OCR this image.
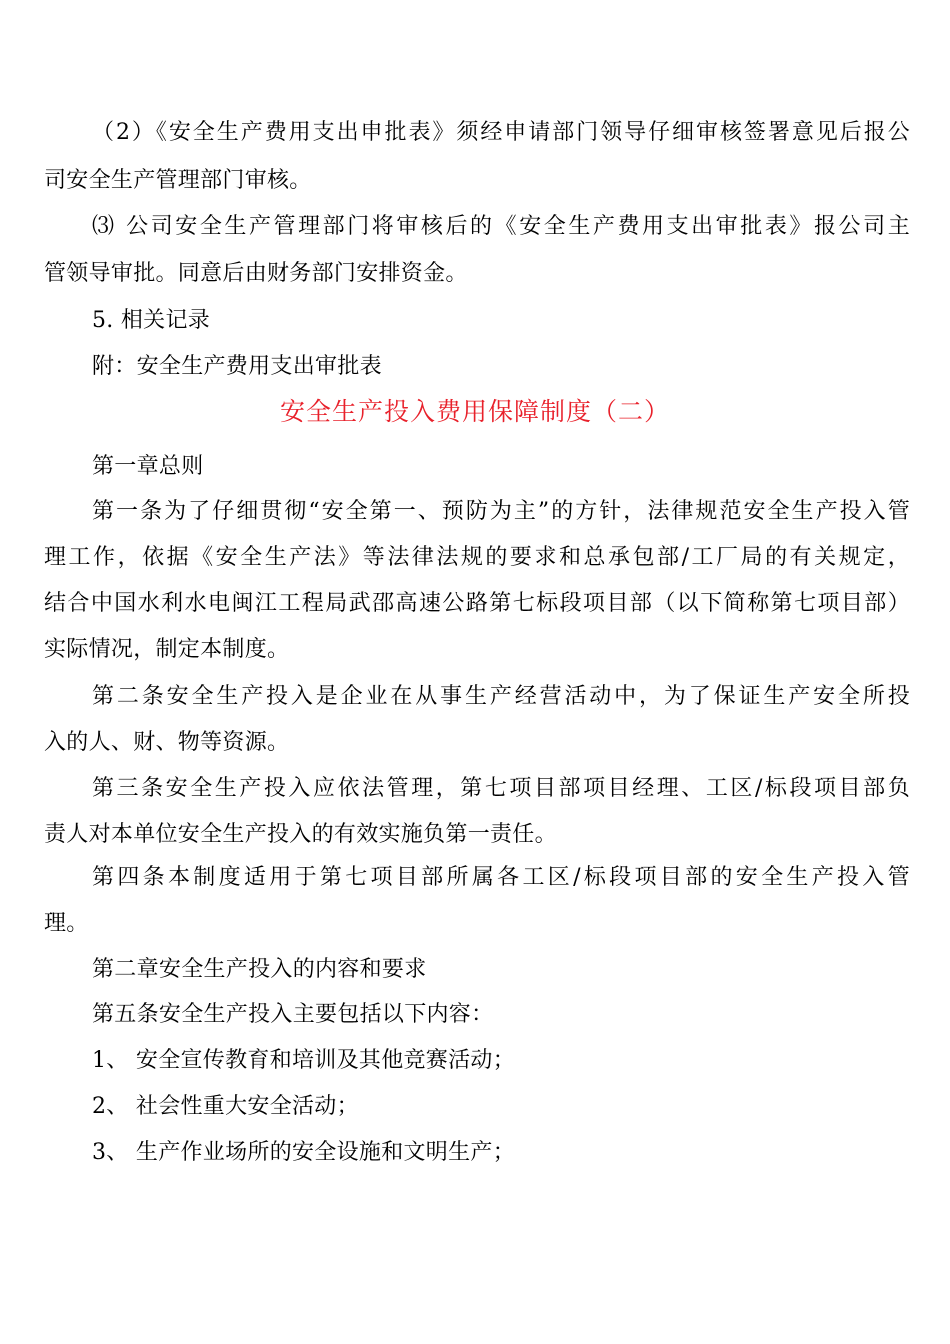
（2）《安全生产费用支出申批表》须经申请部门领导仔细审核签署意见后报公
司安全生产管理部门审核。
⑶ 公司安全生产管理部门将审核后的《安全生产费用支出审批表》报公司主
管领导审批。同意后由财务部门安排资金。
5. 相关记录
附：安全生产费用支出审批表
安全生产投入费用保障制度（二）
第一章总则
第一条为了仔细贯彻“安全第一、预防为主”的方针，法律规范安全生产投入管
理工作，依据《安全生产法》等法律法规的要求和总承包部/工厂局的有关规定，
结合中国水利水电闽江工程局武邵高速公路第七标段项目部（以下简称第七项目部）
实际情况，制定本制度。
第二条安全生产投入是企业在从事生产经营活动中，为了保证生产安全所投
入的人、财、物等资源。
第三条安全生产投入应依法管理，第七项目部项目经理、工区/标段项目部负
责人对本单位安全生产投入的有效实施负第一责任。
第四条本制度适用于第七项目部所属各工区/标段项目部的安全生产投入管
理。
第二章安全生产投入的内容和要求
第五条安全生产投入主要包括以下内容：
1、 安全宣传教育和培训及其他竞赛活动；
2、 社会性重大安全活动；
3、 生产作业场所的安全设施和文明生产；
